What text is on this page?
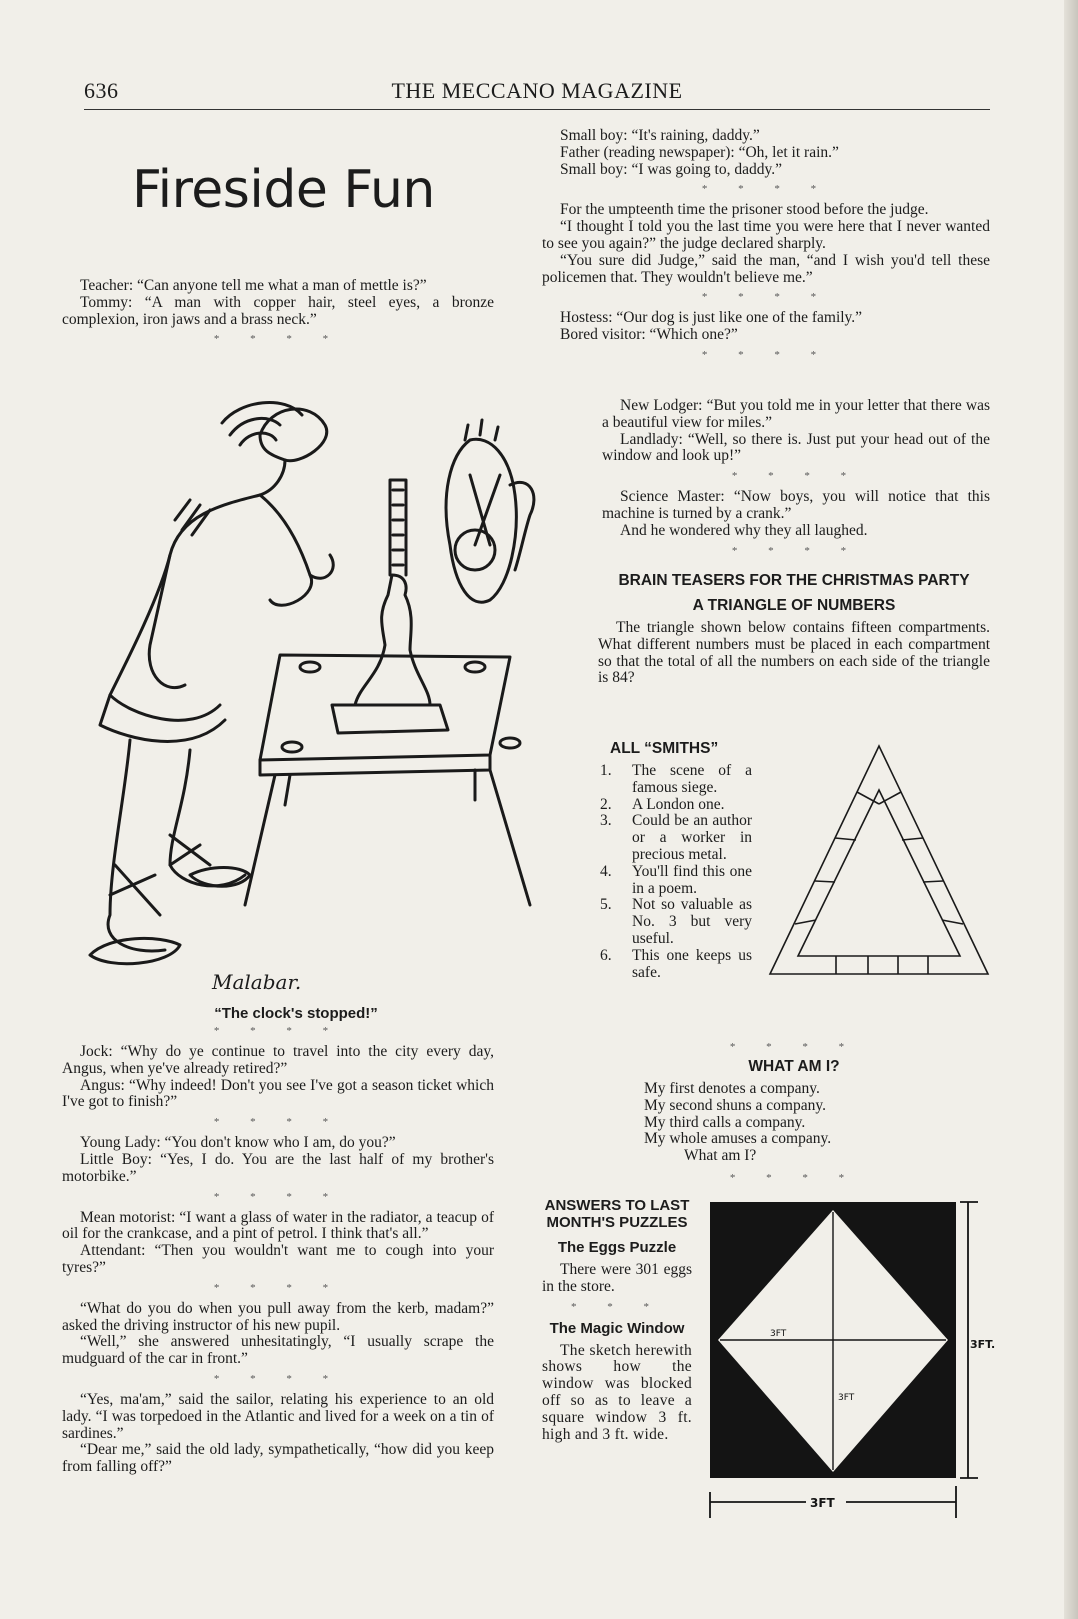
636	THE MECCANO MAGAZINE
Fireside Fun

Teacher: “Can anyone tell me what a man of mettle is?”

Tommy: “A man with copper hair, steel eyes, a bronze complexion, iron jaws and a brass neck.”

* * * *
Malabar.
“The clock's stopped!”
* * * *

Jock: “Why do ye continue to travel into the city every day, Angus, when ye've already retired?”

Angus: “Why indeed! Don't you see I've got a season ticket which I've got to finish?”

* * * *

Young Lady: “You don't know who I am, do you?”

Little Boy: “Yes, I do. You are the last half of my brother's motorbike.”

* * * *

Mean motorist: “I want a glass of water in the radiator, a teacup of oil for the crankcase, and a pint of petrol. I think that's all.”

Attendant: “Then you wouldn't want me to cough into your tyres?”

* * * *

“What do you do when you pull away from the kerb, madam?” asked the driving instructor of his new pupil.

“Well,” she answered unhesitatingly, “I usually scrape the mudguard of the car in front.”

* * * *

“Yes, ma'am,” said the sailor, relating his experience to an old lady. “I was torpedoed in the Atlantic and lived for a week on a tin of sardines.”

“Dear me,” said the old lady, sympathetically, “how did you keep from falling off?”

Small boy: “It's raining, daddy.”

Father (reading newspaper): “Oh, let it rain.”

Small boy: “I was going to, daddy.”

* * * *

For the umpteenth time the prisoner stood before the judge.

“I thought I told you the last time you were here that I never wanted to see you again?” the judge declared sharply.

“You sure did Judge,” said the man, “and I wish you'd tell these policemen that. They wouldn't believe me.”

* * * *

Hostess: “Our dog is just like one of the family.”

Bored visitor: “Which one?”

* * * *

New Lodger: “But you told me in your letter that there was a beautiful view for miles.”

Landlady: “Well, so there is. Just put your head out of the window and look up!”

* * * *

Science Master: “Now boys, you will notice that this machine is turned by a crank.”

And he wondered why they all laughed.

* * * *
BRAIN TEASERS FOR THE CHRISTMAS PARTY
A TRIANGLE OF NUMBERS

The triangle shown below contains fifteen compartments. What different numbers must be placed in each compartment so that the total of all the numbers on each side of the triangle is 84?

ALL “SMITHS”
1. The scene of a famous siege.
2. A London one.
3. Could be an author or a worker in precious metal.
4. You'll find this one in a poem.
5. Not so valuable as No. 3 but very useful.
6. This one keeps us safe.
* * * *
WHAT AM I?
My first denotes a company.
My second shuns a company.
My third calls a company.
My whole amuses a company.
What am I?
* * * *
ANSWERS TO LAST MONTH'S PUZZLES
The Eggs Puzzle
There were 301 eggs in the store.
* * *
The Magic Window
The sketch herewith shows how the window was blocked off so as to leave a square window 3 ft. high and 3 ft. wide.
3FT
3FT
3FT.
3FT
